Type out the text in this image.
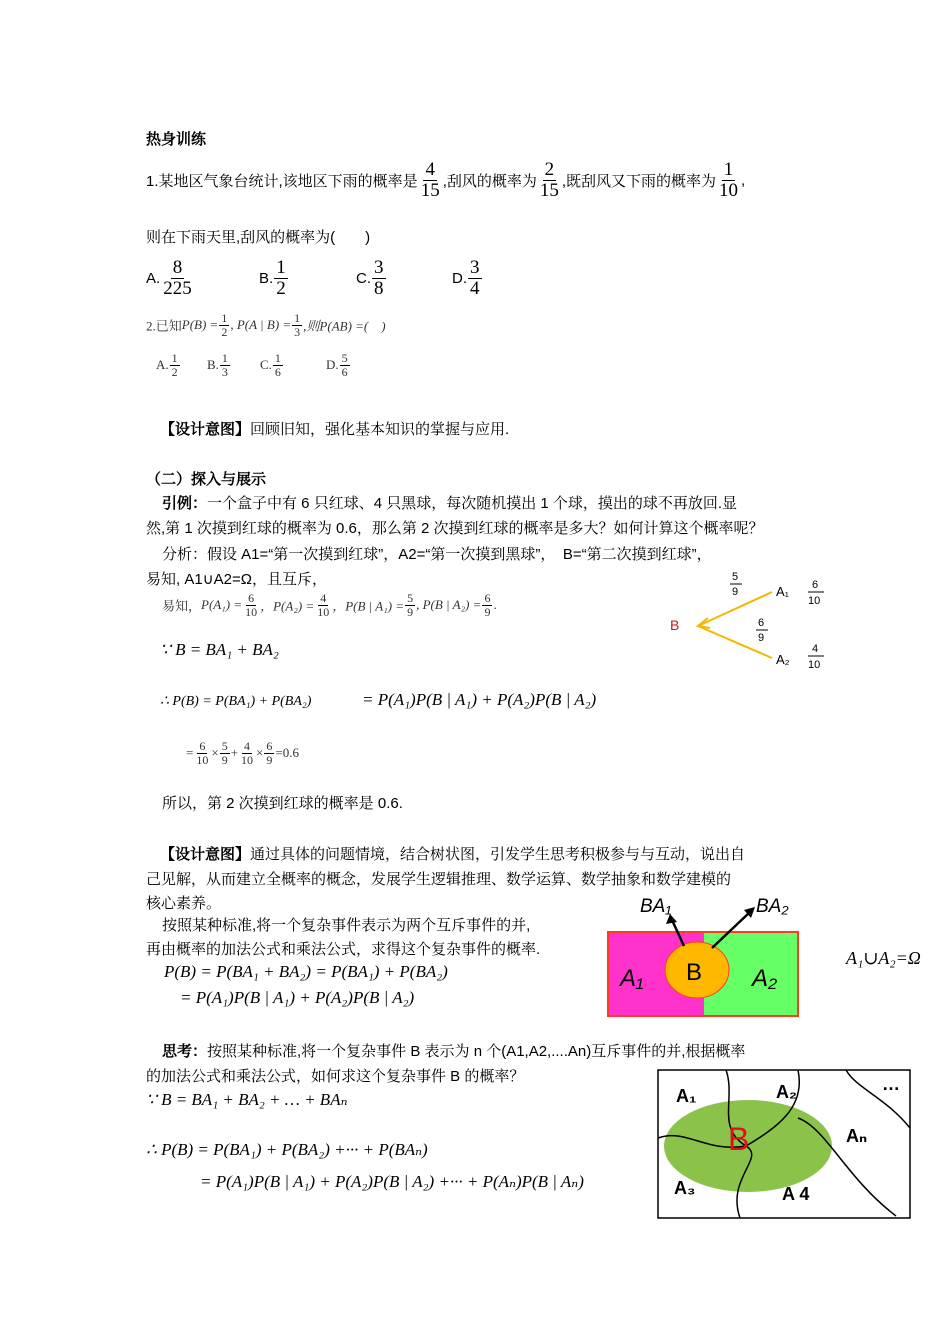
热身训练
1.某地区气象台统计,该地区下雨的概率是 $\frac{4}{15}$ ,刮风的概率为 $\frac{2}{15}$ ,既刮风又下雨的概率为 $\frac{1}{10}$ ,
则在下雨天里,刮风的概率为(　　)
A. $\frac{8}{225}$	B. $\frac{1}{2}$	C. $\frac{3}{8}$	D. $\frac{3}{4}$
2.已知$P(B) = \frac{1}{2}$ , P(A | $B) = \frac{1}{3}$ ,则P(AB) =(　)
A. $\frac{1}{2} B$. $\frac{1}{3} C$. $\frac{1}{6}$	D. $\frac{5}{6}$
【设计意图】回顾旧知，强化基本知识的掌握与应用.
（二）探入与展示
引例：一个盒子中有 6 只红球、4 只黑球，每次随机摸出 1 个球，摸出的球不再放回.显
然,第 1 次摸到红球的概率为 0.6，那么第 2 次摸到红球的概率是多大？如何计算这个概率呢？
分析：假设 A1=“第一次摸到红球”，A2=“第一次摸到黑球”，　B=“第二次摸到红球”，
易知, A1∪A2=Ω，且互斥，
易知，$P(A_1) = \frac{6}{10}$ ，$P(A_2) = \frac{4}{10}$ ，P(B | $A_1) = \frac{5}{9}$ , P(B | $A_2) = \frac{6}{9}$ .
∵ B = BA₁ + BA₂
∴ P(B) = P(BA₁) + P(BA₂)	= P(A₁)P(B | A₁) + P(A₂)P(B | A₂)
= $\frac{6}{10} \times \frac{5}{9} + \frac{4}{10} \times \frac{6}{9} =0.6$
所以，第 2 次摸到红球的概率是 0.6.
B
A₁
A₂
5
9
6
9
6
10
4
10
【设计意图】通过具体的问题情境，结合树状图，引发学生思考积极参与与互动，说出自
己见解，从而建立全概率的概念，发展学生逻辑推理、数学运算、数学抽象和数学建模的
核心素养。
按照某种标准,将一个复杂事件表示为两个互斥事件的并,
再由概率的加法公式和乘法公式，求得这个复杂事件的概率.
P(B) = P(BA₁ + BA₂) = P(BA₁) + P(BA₂)
= P(A₁)P(B | A₁) + P(A₂)P(B | A₂)
BA₁	BA₂
A₁	A₂
B
A₁∪A₂=Ω
思考：按照某种标准,将一个复杂事件 B 表示为 n 个(A1,A2,....An)互斥事件的并,根据概率
的加法公式和乘法公式，如何求这个复杂事件 B 的概率？
∵ B = BA₁ + BA₂ + … + BAₙ
∴ P(B) = P(BA₁) + P(BA₂) +··· + P(BAₙ)
= P(A₁)P(B | A₁) + P(A₂)P(B | A₂) +··· + P(Aₙ)P(B | Aₙ)
A₁	A₂	…
Aₙ
A₃	A 4
B
